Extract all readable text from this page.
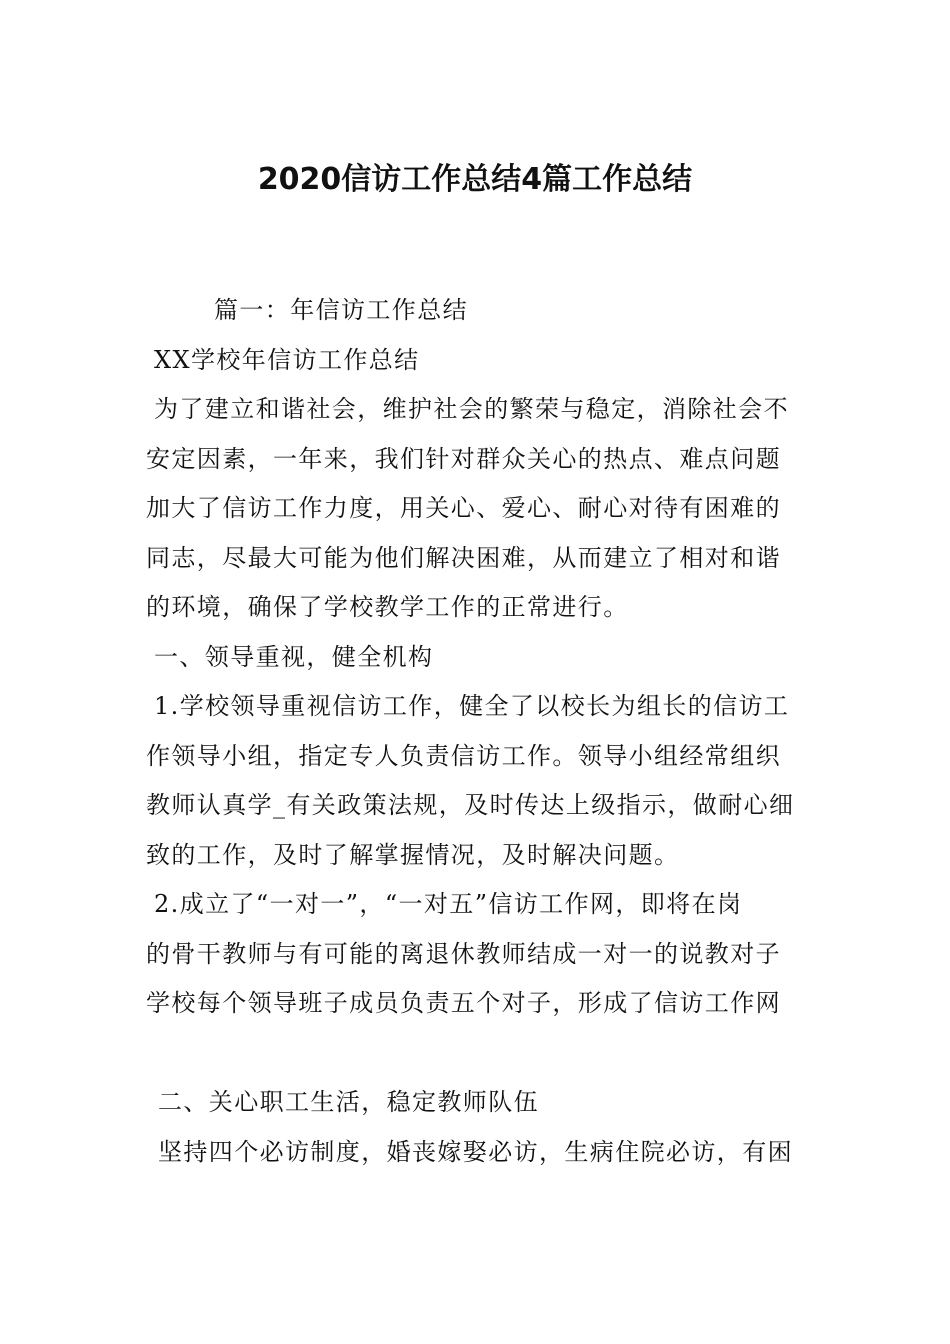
2020信访工作总结4篇工作总结

篇一：年信访工作总结

XX学校年信访工作总结

为了建立和谐社会，维护社会的繁荣与稳定，消除社会不

安定因素，一年来，我们针对群众关心的热点、难点问题

加大了信访工作力度，用关心、爱心、耐心对待有困难的

同志，尽最大可能为他们解决困难，从而建立了相对和谐

的环境，确保了学校教学工作的正常进行。

一、领导重视，健全机构

1.学校领导重视信访工作，健全了以校长为组长的信访工

作领导小组，指定专人负责信访工作。领导小组经常组织

教师认真学_有关政策法规，及时传达上级指示，做耐心细

致的工作，及时了解掌握情况，及时解决问题。

2.成立了“一对一”，“一对五”信访工作网，即将在岗

的骨干教师与有可能的离退休教师结成一对一的说教对子

学校每个领导班子成员负责五个对子，形成了信访工作网

二、关心职工生活，稳定教师队伍

坚持四个必访制度，婚丧嫁娶必访，生病住院必访，有困
